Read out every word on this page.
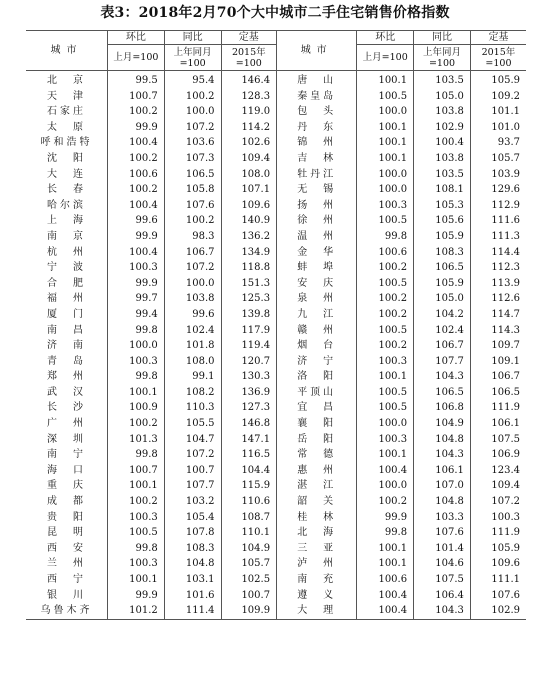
表3：2018年2月70个大中城市二手住宅销售价格指数
城市	环比	同比	定基	城市	环比	同比	定基
	上月=100	上年同月=100	2015年=100		上月=100	上年同月=100	2015年=100
北　京	99.5	95.4	146.4	唐　山	100.1	103.5	105.9
天　津	100.7	100.2	128.3	秦皇岛	100.5	105.0	109.2
石家庄	100.2	100.0	119.0	包　头	100.0	103.8	101.1
太　原	99.9	107.2	114.2	丹　东	100.1	102.9	101.0
呼和浩特	100.4	103.6	102.6	锦　州	100.1	100.4	93.7
沈　阳	100.2	107.3	109.4	吉　林	100.1	103.8	105.7
大　连	100.6	106.5	108.0	牡丹江	100.0	103.5	103.9
长　春	100.2	105.8	107.1	无　锡	100.0	108.1	129.6
哈尔滨	100.4	107.6	109.6	扬　州	100.3	105.3	112.9
上　海	99.6	100.2	140.9	徐　州	100.5	105.6	111.6
南　京	99.9	98.3	136.2	温　州	99.8	105.9	111.3
杭　州	100.4	106.7	134.9	金　华	100.6	108.3	114.4
宁　波	100.3	107.2	118.8	蚌　埠	100.2	106.5	112.3
合　肥	99.9	100.0	151.3	安　庆	100.5	105.9	113.9
福　州	99.7	103.8	125.3	泉　州	100.2	105.0	112.6
厦　门	99.4	99.6	139.8	九　江	100.2	104.2	114.7
南　昌	99.8	102.4	117.9	赣　州	100.5	102.4	114.3
济　南	100.0	101.8	119.4	烟　台	100.2	106.7	109.7
青　岛	100.3	108.0	120.7	济　宁	100.3	107.7	109.1
郑　州	99.8	99.1	130.3	洛　阳	100.1	104.3	106.7
武　汉	100.1	108.2	136.9	平顶山	100.5	106.5	106.5
长　沙	100.9	110.3	127.3	宜　昌	100.5	106.8	111.9
广　州	100.2	105.5	146.8	襄　阳	100.0	104.9	106.1
深　圳	101.3	104.7	147.1	岳　阳	100.3	104.8	107.5
南　宁	99.8	107.2	116.5	常　德	100.1	104.3	106.9
海　口	100.7	100.7	104.4	惠　州	100.4	106.1	123.4
重　庆	100.1	107.7	115.9	湛　江	100.0	107.0	109.4
成　都	100.2	103.2	110.6	韶　关	100.2	104.8	107.2
贵　阳	100.3	105.4	108.7	桂　林	99.9	103.3	100.3
昆　明	100.5	107.8	110.1	北　海	99.8	107.6	111.9
西　安	99.8	108.3	104.9	三　亚	100.1	101.4	105.9
兰　州	100.3	104.8	105.7	泸　州	100.1	104.6	109.6
西　宁	100.1	103.1	102.5	南　充	100.6	107.5	111.1
银　川	99.9	101.6	100.7	遵　义	100.4	106.4	107.6
乌鲁木齐	101.2	111.4	109.9	大　理	100.4	104.3	102.9
